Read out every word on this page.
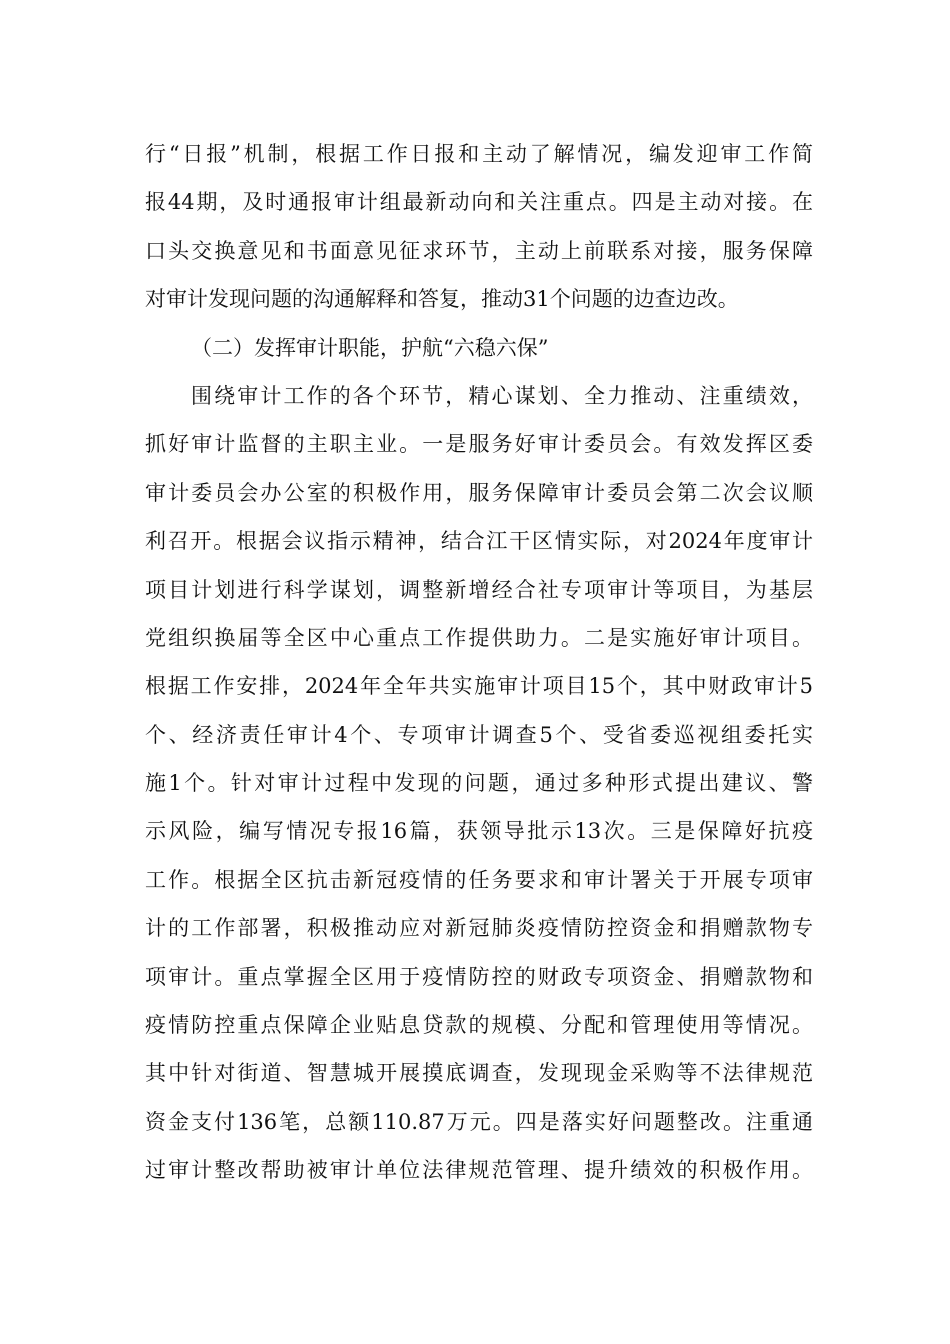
行“日报”机制，根据工作日报和主动了解情况，编发迎审工作简
报44期，及时通报审计组最新动向和关注重点。四是主动对接。在
口头交换意见和书面意见征求环节，主动上前联系对接，服务保障
对审计发现问题的沟通解释和答复，推动31个问题的边查边改。
（二）发挥审计职能，护航“六稳六保”
围绕审计工作的各个环节，精心谋划、全力推动、注重绩效，
抓好审计监督的主职主业。一是服务好审计委员会。有效发挥区委
审计委员会办公室的积极作用，服务保障审计委员会第二次会议顺
利召开。根据会议指示精神，结合江干区情实际，对2024年度审计
项目计划进行科学谋划，调整新增经合社专项审计等项目，为基层
党组织换届等全区中心重点工作提供助力。二是实施好审计项目。
根据工作安排，2024年全年共实施审计项目15个，其中财政审计5
个、经济责任审计4个、专项审计调查5个、受省委巡视组委托实
施1个。针对审计过程中发现的问题，通过多种形式提出建议、警
示风险，编写情况专报16篇，获领导批示13次。三是保障好抗疫
工作。根据全区抗击新冠疫情的任务要求和审计署关于开展专项审
计的工作部署，积极推动应对新冠肺炎疫情防控资金和捐赠款物专
项审计。重点掌握全区用于疫情防控的财政专项资金、捐赠款物和
疫情防控重点保障企业贴息贷款的规模、分配和管理使用等情况。
其中针对街道、智慧城开展摸底调查，发现现金采购等不法律规范
资金支付136笔，总额110.87万元。四是落实好问题整改。注重通
过审计整改帮助被审计单位法律规范管理、提升绩效的积极作用。
